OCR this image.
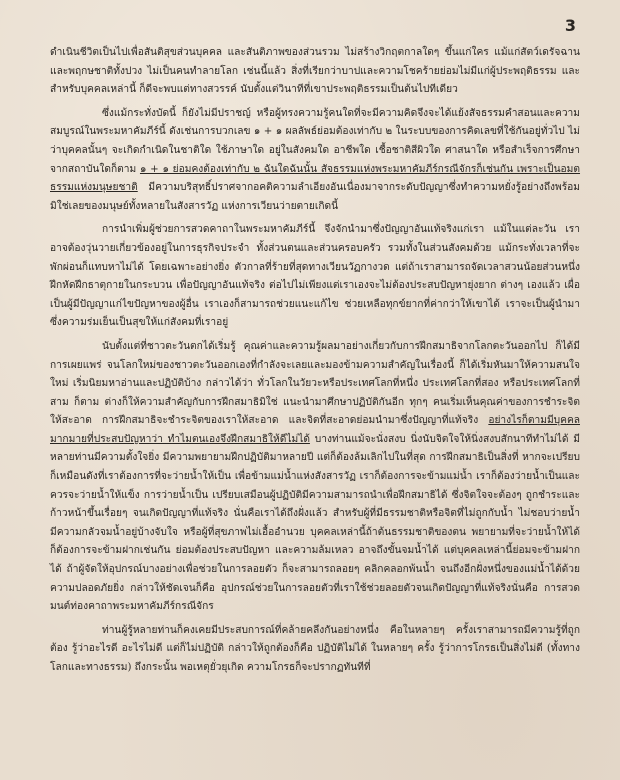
3

ดำเนินชีวิตเป็นไปเพื่อสันติสุขส่วนบุคคล และสันติภาพของส่วนรวม ไม่สร้างวิกฤตกาลใดๆ ขึ้นแก่ใคร แม้แก่สัตว์เดรัจฉาน และพฤกษชาติทั้งปวง ไม่เป็นคนทำลายโลก เช่นนี้แล้ว สิ่งที่เรียกว่าบาปและความโชคร้ายย่อมไม่มีแก่ผู้ประพฤติธรรม และสำหรับบุคคลเหล่านี้ ก็ดีจะพบแต่ทางสวรรค์ นับตั้งแต่วินาทีที่เขาประพฤติธรรมเป็นต้นไปทีเดียว

ซึ่งแม้กระทั่งบัดนี้ ก็ยังไม่มีปราชญ์ หรือผู้ทรงความรู้คนใดที่จะมีความคิดจึงจะได้แย้งสัจธรรมคำสอนและความสมบูรณ์ในพระมหาคัมภีร์นี้ ดังเช่นการบวกเลข ๑ + ๑ ผลลัพธ์ย่อมต้องเท่ากับ ๒ ในระบบของการคิดเลขที่ใช้กันอยู่ทั่วไป ไม่ว่าบุคคลนั้นๆ จะเกิดกำเนิดในชาติใด ใช้ภาษาใด อยู่ในสังคมใด อาชีพใด เชื้อชาติสีผิวใด ศาสนาใด หรือสำเร็จการศึกษาจากสถาบันใดก็ตาม ๑ + ๑ ย่อมคงต้องเท่ากับ ๒ ฉันใดฉันนั้น สัจธรรมแห่งพระมหาคัมภีร์กรณีจักรก็เช่นกัน เพราะเป็นอมตธรรมแห่งมนุษยชาติ มีความบริสุทธิ์ปราศจากอคติความลำเอียงอันเนื่องมาจากระดับปัญญาซึ่งทำความหยั่งรู้อย่างถึงพร้อมมิใช่เลยของมนุษย์ทั้งหลายในสังสารวัฏ แห่งการเวียนว่ายตายเกิดนี้

การนำเพิ่มผู้ช่วยการสวดคาถาในพระมหาคัมภีร์นี้ จึงจักนำมาซึ่งปัญญาอันแท้จริงแก่เรา แม้ในแต่ละวัน เราอาจต้องวุ่นวายเกี่ยวข้องอยู่ในการธุรกิจประจำ ทั้งส่วนตนและส่วนครอบครัว รวมทั้งในส่วนสังคมด้วย แม้กระทั่งเวลาที่จะพักผ่อนก็แทบหาไม่ได้ โดยเฉพาะอย่างยิ่ง ตัวกาลที่ร้ายที่สุดทางเวียนวัฏกางวด แต่ถ้าเราสามารถจัดเวลาสวนน้อยส่วนหนึ่ง ฝึกหัดฝึกธาตุกายในกระบวน เพื่อปัญญาอันแท้จริง ต่อไปไม่เพียงแต่เราเองจะไม่ต้องประสบปัญหายุ่งยาก ต่างๆ เองแล้ว เผื่อเป็นผู้มีปัญญาแก่ไขปัญหาของผู้อื่น เราเองก็สามารถช่วยแนะแก้ไข ช่วยเหลือทุกข์ยากที่ค่ากว่าให้เขาได้ เราจะเป็นผู้นำมาซึ่งความร่มเย็นเป็นสุขให้แก่สังคมที่เราอยู่

นับตั้งแต่ที่ชาวตะวันตกได้เริ่มรู้ คุณค่าและความรู้ผลมาอย่างเกี่ยวกับการฝึกสมาธิจากโลกตะวันออกไป ก็ได้มีการเผยแพร่ จนโลกใหม่ของชาวตะวันออกเองที่กำลังจะเลยและมองข้ามความสำคัญในเรื่องนี้ ก็ได้เริ่มหันมาให้ความสนใจใหม่ เริ่มนิยมหาอ่านและปฏิบัติบ้าง กล่าวได้ว่า ทั่วโลกในวัยวะหรือประเทศโลกที่หนึ่ง ประเทศโลกที่สอง หรือประเทศโลกที่สาม ก็ตาม ต่างก็ให้ความสำคัญกับการฝึกสมาธิมิใช่ แนะนำมาศึกษาปฏิบัติกันอีก ทุกๆ คนเริ่มเห็นคุณค่าของการชำระจิตให้สะอาด การฝึกสมาธิจะชำระจิตของเราให้สะอาด และจิตที่สะอาดย่อมนำมาซึ่งปัญญาที่แท้จริง อย่างไรก็ตามมีบุคคลมากมายที่ประสบปัญหาว่า ทำไมตนเองจึงฝึกสมาธิให้ดีไม่ได้ บางท่านแม้จะนั่งสงบ นิ่งนับจิตใจให้นิ่งสงบสักนาทีทำไม่ได้ มีหลายท่านมีความตั้งใจยิ่ง มีความพยายามฝึกปฏิบัติมาหลายปี แต่ก็ต้องล้มเลิกไปในที่สุด การฝึกสมาธิเป็นสิ่งที่ หากจะเปรียบก็เหมือนดังที่เราต้องการที่จะว่ายน้ำให้เป็น เพื่อข้ามแม่น้ำแห่งสังสารวัฏ เราก็ต้องการจะข้ามแม่น้ำ เราก็ต้องว่ายน้ำเป็นและควรจะว่ายน้ำให้แข็ง การว่ายน้ำเป็น เปรียบเสมือนผู้ปฏิบัติมีความสามารถนำเพื่อฝึกสมาธิได้ ซึ่งจิตใจจะต้องๆ ถูกชำระและก้าวหน้าขึ้นเรื่อยๆ จนเกิดปัญญาที่แท้จริง นั่นคือเราได้ถึงฝั่งแล้ว สำหรับผู้ที่มีธรรมชาติหรือจิตที่ไม่ถูกกับน้ำ ไม่ชอบว่ายน้ำ มีความกลัวจมน้ำอยู่บ้างจับใจ หรือผู้ที่สุขภาพไม่เอื้ออำนวย บุคคลเหล่านี้ถ้าต้นธรรมชาติของตน พยายามที่จะว่ายน้ำให้ได้ ก็ต้องการจะข้ามฝากเช่นกัน ย่อมต้องประสบปัญหา และความล้มเหลว อาจถึงขั้นจมน้ำได้ แต่บุคคลเหล่านี้ย่อมจะข้ามฝากได้ ถ้าผู้จัดให้อุปกรณ์บางอย่างเพื่อช่วยในการลอยตัว ก็จะสามารถลอยๆ คลิกคลอกพ้นน้ำ จนถึงอีกฝั่งหนึ่งของแม่น้ำได้ด้วยความปลอดภัยยิ่ง กล่าวให้ชัดเจนก็คือ อุปกรณ์ช่วยในการลอยตัวที่เราใช้ช่วยลอยตัวจนเกิดปัญญาที่แท้จริงนั่นคือ การสวดมนต์ท่องคาถาพระมหาคัมภีร์กรณีจักร

ท่านผู้รู้หลายท่านก็คงเคยมีประสบการณ์ที่คล้ายคลึงกันอย่างหนึ่ง คือในหลายๆ ครั้งเราสามารถมีความรู้ที่ถูกต้อง รู้ว่าอะไรดี อะไรไม่ดี แต่ก็ไม่ปฏิบัติ กล่าวให้ถูกต้องก็คือ ปฏิบัติไม่ได้ ในหลายๆ ครั้ง รู้ว่าการโกรธเป็นสิ่งไม่ดี (ทั้งทางโลกและทางธรรม) ถึงกระนั้น พอเหตุยั่วยุเกิด ความโกรธก็จะปรากฏทันทีที่
